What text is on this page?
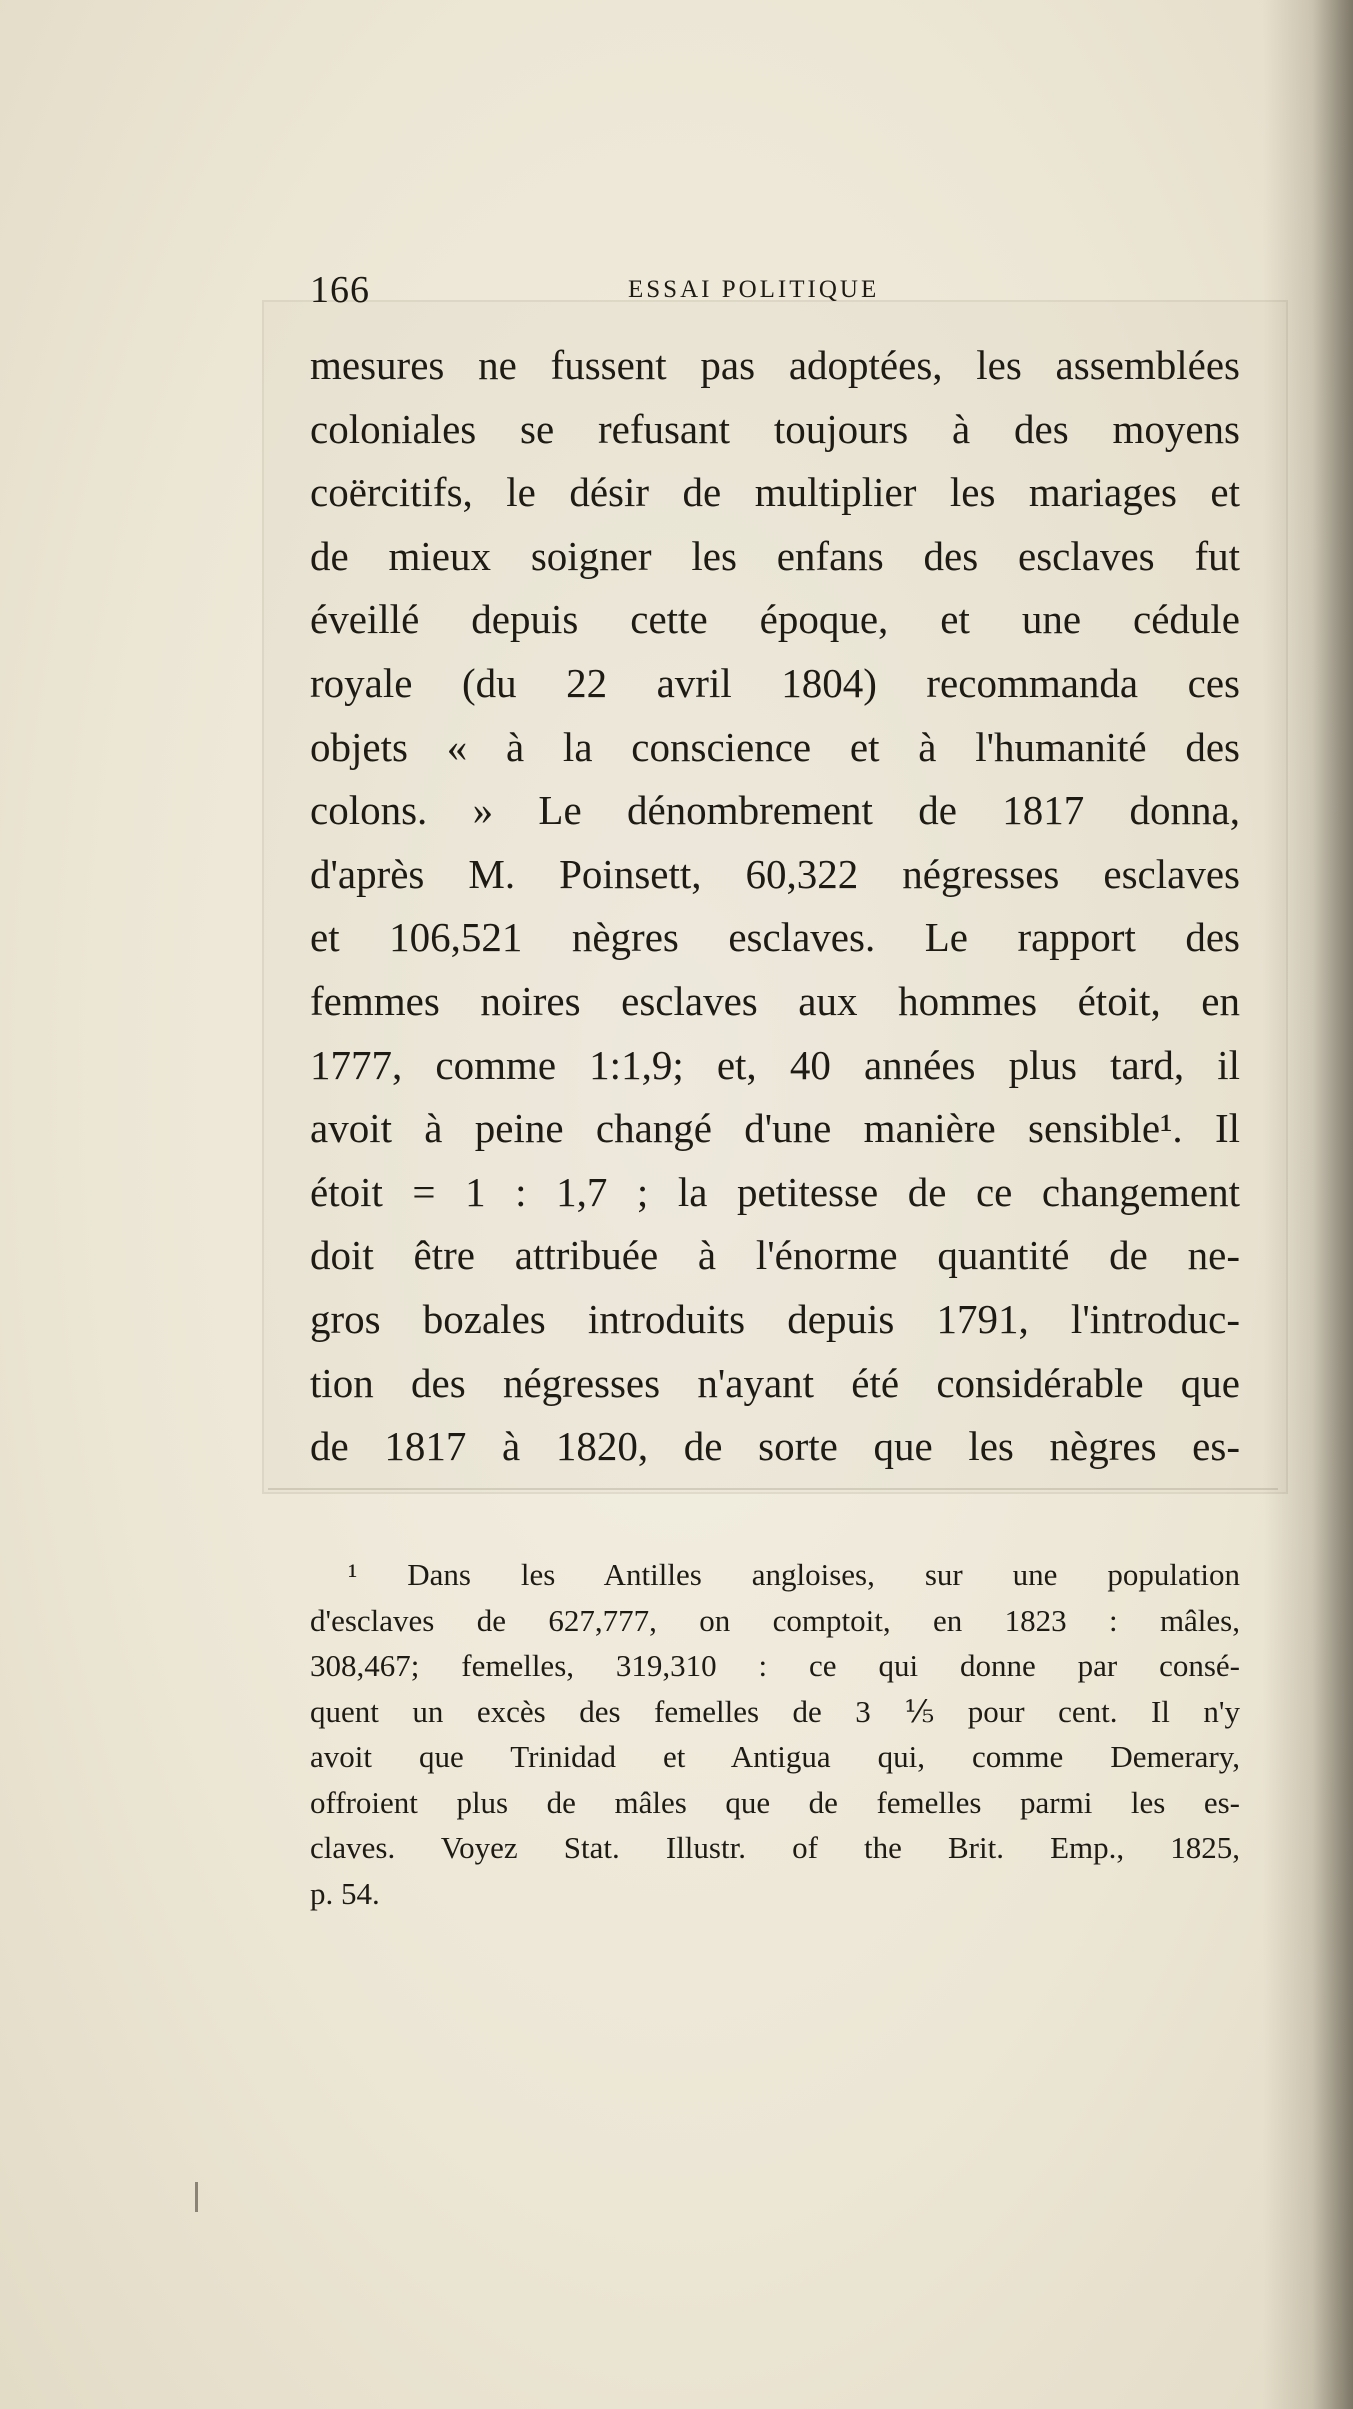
166	ESSAI POLITIQUE
mesures ne fussent pas adoptées, les assemblées
coloniales se refusant toujours à des moyens
coërcitifs, le désir de multiplier les mariages et
de mieux soigner les enfans des esclaves fut
éveillé depuis cette époque, et une cédule
royale (du 22 avril 1804) recommanda ces
objets « à la conscience et à l'humanité des
colons. » Le dénombrement de 1817 donna,
d'après M. Poinsett, 60,322 négresses esclaves
et 106,521 nègres esclaves. Le rapport des
femmes noires esclaves aux hommes étoit, en
1777, comme 1:1,9; et, 40 années plus tard, il
avoit à peine changé d'une manière sensible¹. Il
étoit = 1 : 1,7 ; la petitesse de ce changement
doit être attribuée à l'énorme quantité de ne-
gros bozales introduits depuis 1791, l'introduc-
tion des négresses n'ayant été considérable que
de 1817 à 1820, de sorte que les nègres es-
¹ Dans les Antilles angloises, sur une population
d'esclaves de 627,777, on comptoit, en 1823 : mâles,
308,467; femelles, 319,310 : ce qui donne par consé-
quent un excès des femelles de 3 ⅕ pour cent. Il n'y
avoit que Trinidad et Antigua qui, comme Demerary,
offroient plus de mâles que de femelles parmi les es-
claves. Voyez Stat. Illustr. of the Brit. Emp., 1825,
p. 54.
